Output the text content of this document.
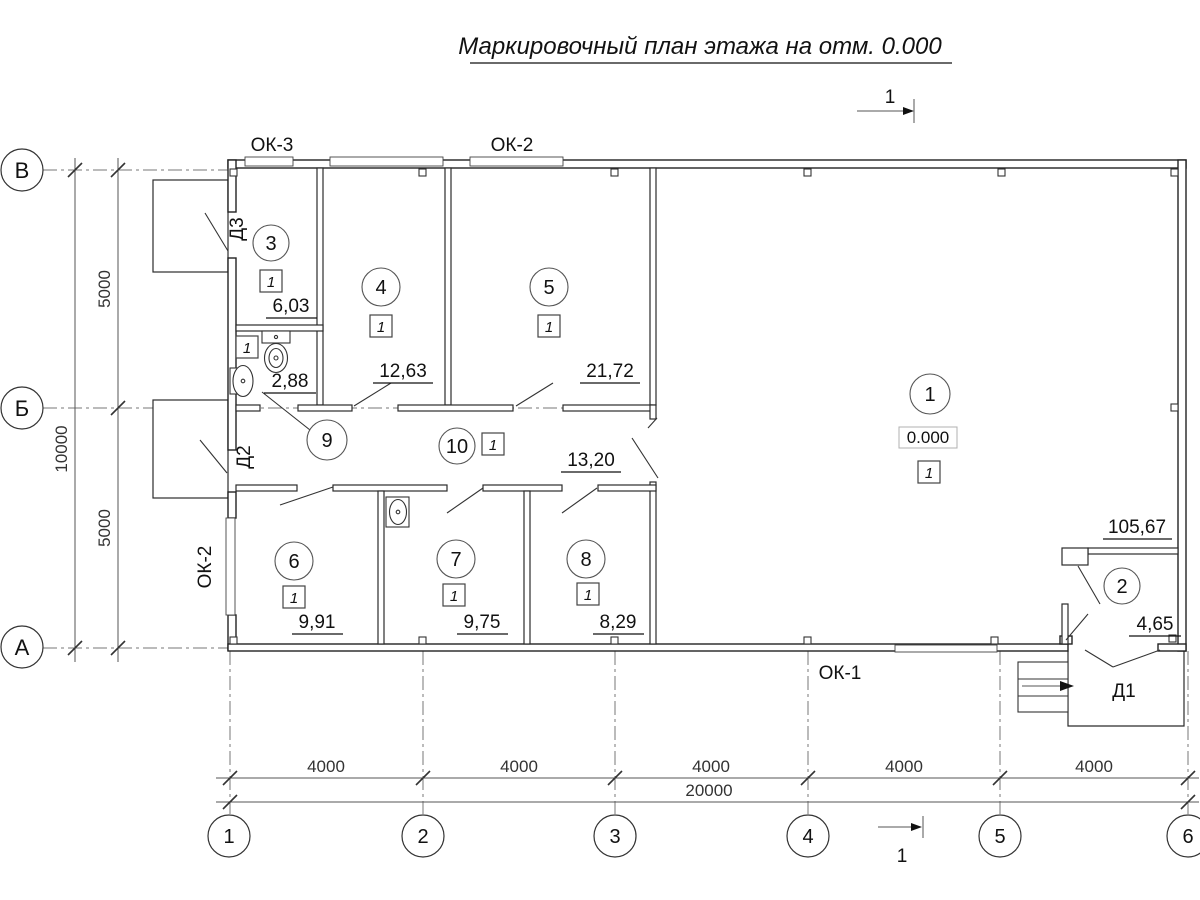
Маркировочный план этажа на отм. 0.000
1
1
2
3
4	5
6	7	8
9	10
1
1	1
1
1
1
1	1	1
6,03
2,88	12,63	21,72
13,20
9,91	9,75	8,29
105,67
4,65
0.000
ОК-3	ОК-2
ОК-2
ОК-1
Д3
Д2
Д1
5000
5000
10000
4000	4000	4000	4000	4000
20000
В
Б
А
1	2	3	4	5	6
1
